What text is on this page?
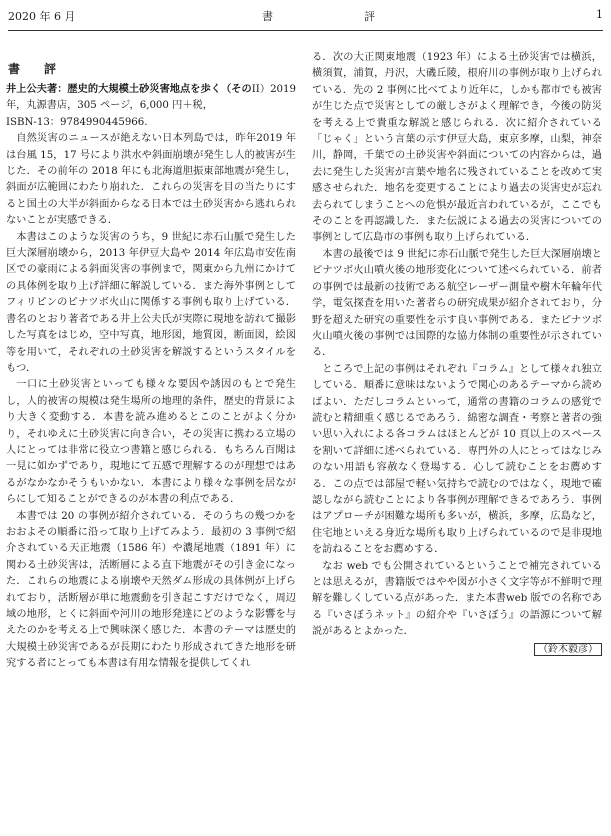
2020 年 6 月	書　評	1
書　評

井上公夫著：歴史的大規模土砂災害地点を歩く（そのII）2019 年，丸源書店，305 ページ，6,000 円＋税，
ISBN-13：9784990445966.

自然災害のニュースが絶えない日本列島では，昨年2019 年は台風 15，17 号により洪水や斜面崩壊が発生し人的被害が生じた．その前年の 2018 年にも北海道胆振東部地震が発生し，斜面が広範囲にわたり崩れた．これらの災害を目の当たりにすると国土の大半が斜面からなる日本では土砂災害から逃れられないことが実感できる．

本書はこのような災害のうち，9 世紀に赤石山脈で発生した巨大深層崩壊から，2013 年伊豆大島や 2014 年広島市安佐南区での豪雨による斜面災害の事例まで，関東から九州にかけての具体例を取り上げ詳細に解説している．また海外事例としてフィリピンのピナツボ火山に関係する事例も取り上げている．書名のとおり著者である井上公夫氏が実際に現地を訪れて撮影した写真をはじめ，空中写真，地形図，地質図，断面図，絵図等を用いて，それぞれの土砂災害を解説するというスタイルをもつ．

一口に土砂災害といっても様々な要因や誘因のもとで発生し，人的被害の規模は発生場所の地理的条件，歴史的背景により大きく変動する．本書を読み進めるとこのことがよく分かり，それゆえに土砂災害に向き合い，その災害に携わる立場の人にとっては非常に役立つ書籍と感じられる．もちろん百聞は一見に如かずであり，現地にて五感で理解するのが理想ではあるがなかなかそうもいかない．本書により様々な事例を居ながらにして知ることができるのが本書の利点である．

本書では 20 の事例が紹介されている．そのうちの幾つかをおおよその順番に沿って取り上げてみよう．最初の 3 事例で紹介されている天正地震（1586 年）や濃尾地震（1891 年）に関わる土砂災害は，活断層による直下地震がその引き金になった．これらの地震による崩壊や天然ダム形成の具体例が上げられており，活断層が単に地震動を引き起こすだけでなく，周辺域の地形，とくに斜面や河川の地形発達にどのような影響を与えたのかを考える上で興味深く感じた．本書のテーマは歴史的大規模土砂災害であるが長期にわたり形成されてきた地形を研究する者にとっても本書は有用な情報を提供してくれ

る．次の大正関東地震（1923 年）による土砂災害では横浜，横須賀，浦賀，丹沢，大磯丘陵，根府川の事例が取り上げられている．先の 2 事例に比べてより近年に，しかも都市でも被害が生じた点で災害としての厳しさがよく理解でき，今後の防災を考える上で貴重な解説と感じられる．次に紹介されている「じゃく」という言葉の示す伊豆大島，東京多摩，山梨，神奈川，静岡，千葉での土砂災害や斜面についての内容からは，過去に発生した災害が言葉や地名に残されていることを改めて実感させられた．地名を変更することにより過去の災害史が忘れ去られてしまうことへの危惧が最近言われているが，ここでもそのことを再認識した．また伝説による過去の災害についての事例として広島市の事例も取り上げられている．

本書の最後では 9 世紀に赤石山脈で発生した巨大深層崩壊とピナツボ火山噴火後の地形変化について述べられている．前者の事例では最新の技術である航空レーザー測量や樹木年輪年代学，電気探査を用いた著者らの研究成果が紹介されており，分野を超えた研究の重要性を示す良い事例である．またピナツボ火山噴火後の事例では国際的な協力体制の重要性が示されている．

ところで上記の事例はそれぞれ『コラム』として様々れ独立している．順番に意味はないようで関心のあるテーマから読めばよい．ただしコラムといって，通常の書籍のコラムの感覚で読むと精細重く感じるであろう．綿密な調査・考察と著者の強い思い入れによる各コラムはほとんどが 10 頁以上のスペースを割いて詳細に述べられている．専門外の人にとってはなじみのない用語も容赦なく登場する．心して読むことをお薦めする．この点では部屋で軽い気持ちで読むのではなく，現地で確認しながら読むことにより各事例が理解できるであろう．事例はアプローチが困難な場所も多いが，横浜，多摩，広島など，住宅地といえる身近な場所も取り上げられているので是非現地を訪ねることをお薦めする．

なお web でも公開されているということで補完されているとは思えるが，書籍版ではやや図が小さく文字等が不鮮明で理解を難しくしている点があった．また本書web 版での名称である『いさぼうネット』の紹介や『いさぼう』の語源について解説があるとよかった．

（鈴木毅彦）
